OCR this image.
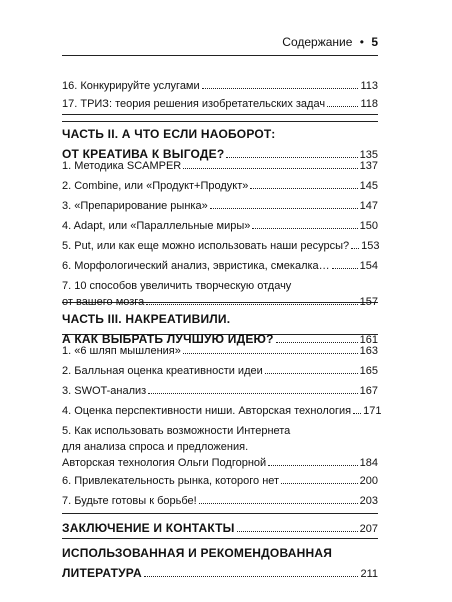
Содержание • 5
16. Конкурируйте услугами	113
17. ТРИЗ: теория решения изобретательских задач	118
ЧАСТЬ II. А ЧТО ЕСЛИ НАОБОРОТ:
ОТ КРЕАТИВА К ВЫГОДЕ?	135
1. Методика SCAMPER	137
2. Combine, или «Продукт+Продукт»	145
3. «Препарирование рынка»	147
4. Adapt, или «Параллельные миры»	150
5. Put, или как еще можно использовать наши ресурсы? 153
6. Морфологический анализ, эвристика, смекалка…	154
7. 10 способов увеличить творческую отдачу
от вашего мозга	157
ЧАСТЬ III. НАКРЕАТИВИЛИ.
А КАК ВЫБРАТЬ ЛУЧШУЮ ИДЕЮ?	161
1. «6 шляп мышления»	163
2. Балльная оценка креативности идеи	165
3. SWOT-анализ	167
4. Оценка перспективности ниши. Авторская технология 171
5. Как использовать возможности Интернета
для анализа спроса и предложения.
Авторская технология Ольги Подгорной	184
6. Привлекательность рынка, которого нет	200
7. Будьте готовы к борьбе!	203
ЗАКЛЮЧЕНИЕ И КОНТАКТЫ	207
ИСПОЛЬЗОВАННАЯ И РЕКОМЕНДОВАННАЯ
ЛИТЕРАТУРА	211
